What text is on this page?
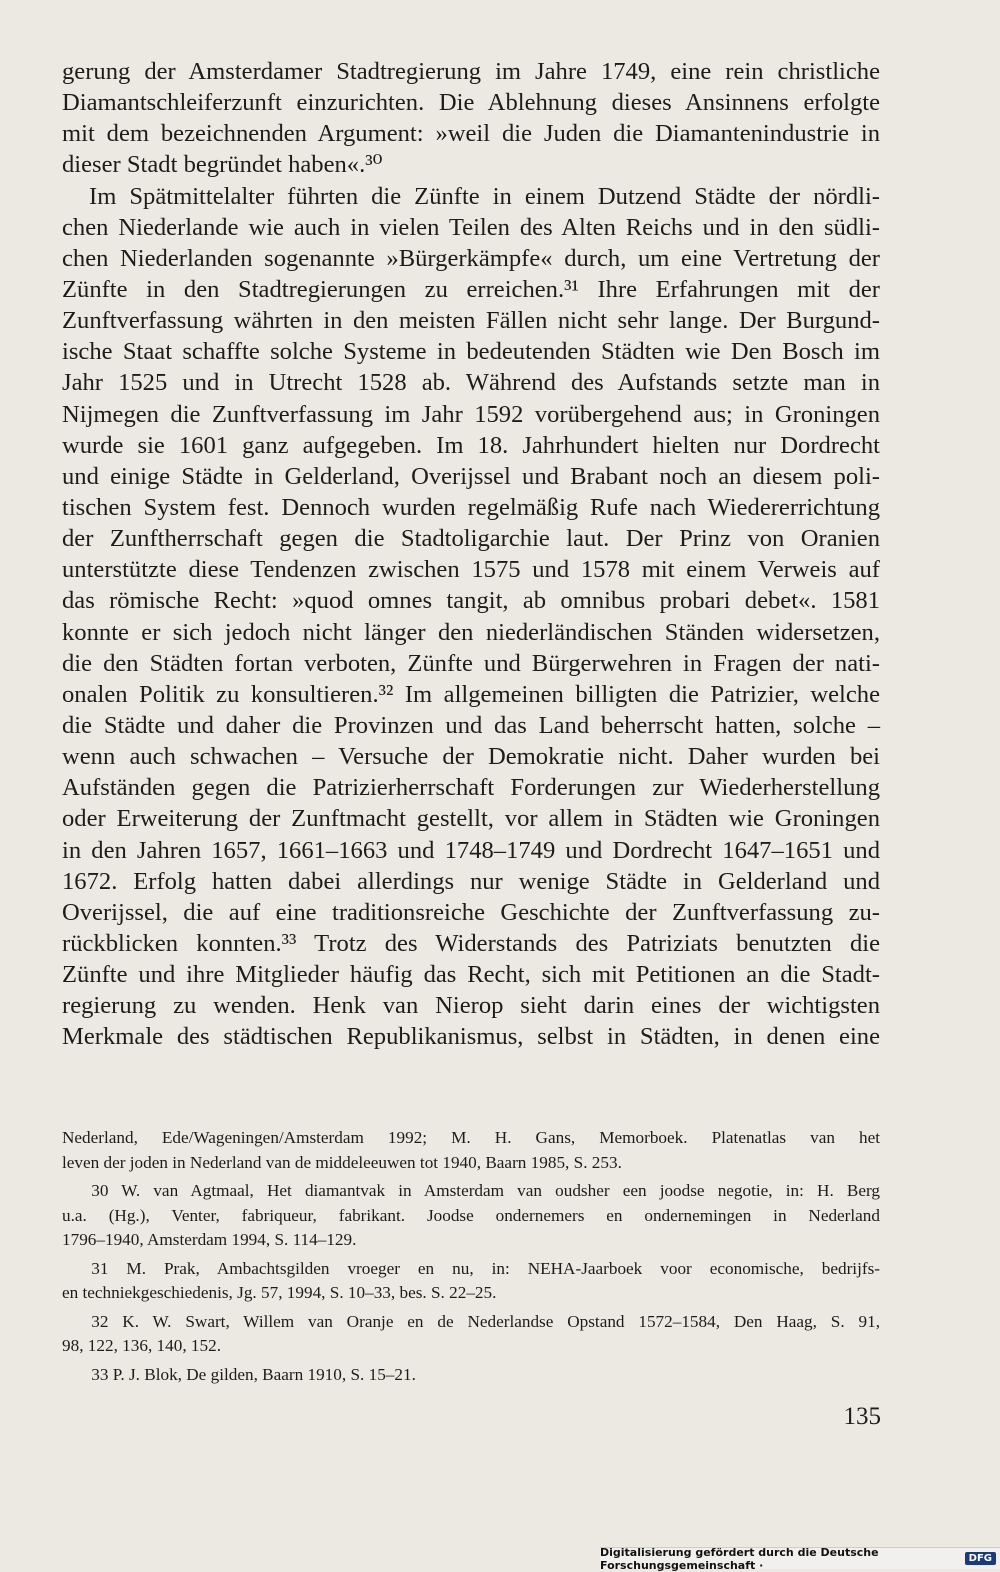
gerung der Amsterdamer Stadtregierung im Jahre 1749, eine rein christliche
Diamantschleiferzunft einzurichten. Die Ablehnung dieses Ansinnens erfolgte
mit dem bezeichnenden Argument: »weil die Juden die Diamantenindustrie in
dieser Stadt begründet haben«.³⁰
Im Spätmittelalter führten die Zünfte in einem Dutzend Städte der nördli-
chen Niederlande wie auch in vielen Teilen des Alten Reichs und in den südli-
chen Niederlanden sogenannte »Bürgerkämpfe« durch, um eine Vertretung der
Zünfte in den Stadtregierungen zu erreichen.³¹ Ihre Erfahrungen mit der
Zunftverfassung währten in den meisten Fällen nicht sehr lange. Der Burgund-
ische Staat schaffte solche Systeme in bedeutenden Städten wie Den Bosch im
Jahr 1525 und in Utrecht 1528 ab. Während des Aufstands setzte man in
Nijmegen die Zunftverfassung im Jahr 1592 vorübergehend aus; in Groningen
wurde sie 1601 ganz aufgegeben. Im 18. Jahrhundert hielten nur Dordrecht
und einige Städte in Gelderland, Overijssel und Brabant noch an diesem poli-
tischen System fest. Dennoch wurden regelmäßig Rufe nach Wiedererrichtung
der Zunftherrschaft gegen die Stadtoligarchie laut. Der Prinz von Oranien
unterstützte diese Tendenzen zwischen 1575 und 1578 mit einem Verweis auf
das römische Recht: »quod omnes tangit, ab omnibus probari debet«. 1581
konnte er sich jedoch nicht länger den niederländischen Ständen widersetzen,
die den Städten fortan verboten, Zünfte und Bürgerwehren in Fragen der nati-
onalen Politik zu konsultieren.³² Im allgemeinen billigten die Patrizier, welche
die Städte und daher die Provinzen und das Land beherrscht hatten, solche –
wenn auch schwachen – Versuche der Demokratie nicht. Daher wurden bei
Aufständen gegen die Patrizierherrschaft Forderungen zur Wiederherstellung
oder Erweiterung der Zunftmacht gestellt, vor allem in Städten wie Groningen
in den Jahren 1657, 1661–1663 und 1748–1749 und Dordrecht 1647–1651 und
1672. Erfolg hatten dabei allerdings nur wenige Städte in Gelderland und
Overijssel, die auf eine traditionsreiche Geschichte der Zunftverfassung zu-
rückblicken konnten.³³ Trotz des Widerstands des Patriziats benutzten die
Zünfte und ihre Mitglieder häufig das Recht, sich mit Petitionen an die Stadt-
regierung zu wenden. Henk van Nierop sieht darin eines der wichtigsten
Merkmale des städtischen Republikanismus, selbst in Städten, in denen eine
Nederland, Ede/Wageningen/Amsterdam 1992; M. H. Gans, Memorboek. Platenatlas van het
leven der joden in Nederland van de middeleeuwen tot 1940, Baarn 1985, S. 253.
30 W. van Agtmaal, Het diamantvak in Amsterdam van oudsher een joodse negotie, in: H. Berg
u.a. (Hg.), Venter, fabriqueur, fabrikant. Joodse ondernemers en ondernemingen in Nederland
1796–1940, Amsterdam 1994, S. 114–129.
31 M. Prak, Ambachtsgilden vroeger en nu, in: NEHA-Jaarboek voor economische, bedrijfs-
en techniekgeschiedenis, Jg. 57, 1994, S. 10–33, bes. S. 22–25.
32 K. W. Swart, Willem van Oranje en de Nederlandse Opstand 1572–1584, Den Haag, S. 91,
98, 122, 136, 140, 152.
33 P. J. Blok, De gilden, Baarn 1910, S. 15–21.
135
Digitalisierung gefördert durch die Deutsche Forschungsgemeinschaft ·	DFG
